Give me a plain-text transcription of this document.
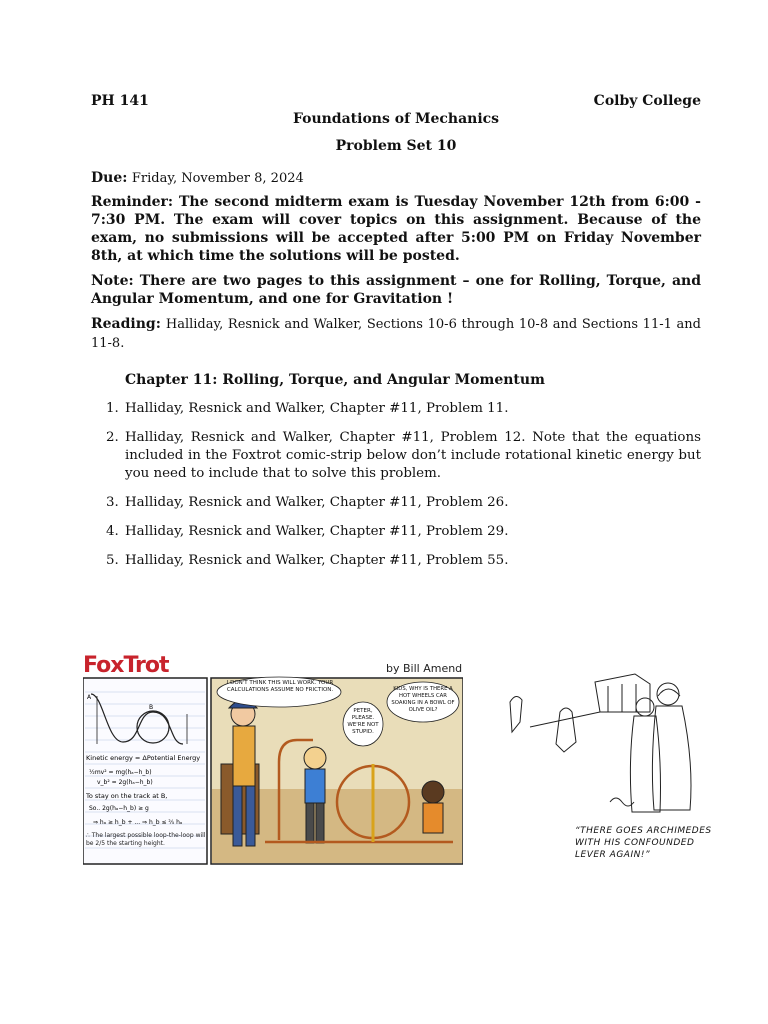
PH 141	Colby College
Foundations of Mechanics
Problem Set 10
Due: Friday, November 8, 2024
Reminder: The second midterm exam is Tuesday November 12th from 6:00 - 7:30 PM. The exam will cover topics on this assignment. Because of the exam, no submissions will be accepted after 5:00 PM on Friday November 8th, at which time the solutions will be posted.
Note: There are two pages to this assignment – one for Rolling, Torque, and Angular Momentum, and one for Gravitation !
Reading: Halliday, Resnick and Walker, Sections 10-6 through 10-8 and Sections 11-1 and 11-8.
Chapter 11: Rolling, Torque, and Angular Momentum
1. Halliday, Resnick and Walker, Chapter #11, Problem 11.
2. Halliday, Resnick and Walker, Chapter #11, Problem 12. Note that the equations included in the Foxtrot comic-strip below don’t include rotational kinetic energy but you need to include that to solve this problem.
3. Halliday, Resnick and Walker, Chapter #11, Problem 26.
4. Halliday, Resnick and Walker, Chapter #11, Problem 29.
5. Halliday, Resnick and Walker, Chapter #11, Problem 55.
FoxTrot	by Bill Amend
A
B
Kinetic energy = ΔPotential Energy
½mv² = mg(hₐ−h_b)
v_b² = 2g(hₐ−h_b)
To stay on the track at B,
So.. 2g(hₐ−h_b) ≥ g
⇒ hₐ ≥ h_b + ... ⇒ h_b ≤ ⅖ hₐ
∴ The largest possible loop-the-loop will be 2/5 the starting height.
I DON'T THINK THIS WILL WORK. YOUR CALCULATIONS ASSUME NO FRICTION.
PETER, PLEASE. WE'RE NOT STUPID.
KIDS, WHY IS THERE A HOT WHEELS CAR SOAKING IN A BOWL OF OLIVE OIL?
“THERE GOES ARCHIMEDES WITH HIS CONFOUNDED LEVER AGAIN!”
